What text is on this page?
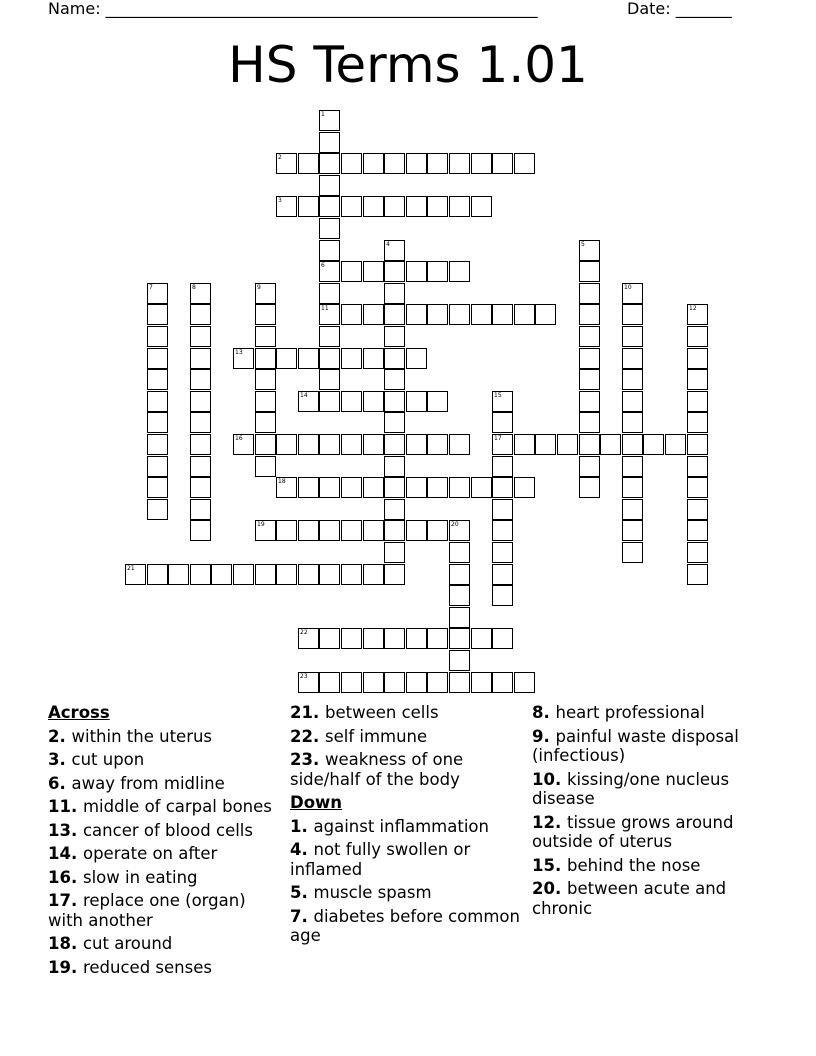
Name: ______________________________________________________	Date: _______
HS Terms 1.01
1
6
11
2
3
4	5
7	8	9	10
12
13
14	15
17
16
18
19	20
21
22
23
Across
2. within the uterus
3. cut upon
6. away from midline
11. middle of carpal bones
13. cancer of blood cells
14. operate on after
16. slow in eating
17. replace one (organ) with another
18. cut around
19. reduced senses
21. between cells
22. self immune
23. weakness of one side/half of the body
Down
1. against inflammation
4. not fully swollen or inflamed
5. muscle spasm
7. diabetes before common age
8. heart professional
9. painful waste disposal (infectious)
10. kissing/one nucleus disease
12. tissue grows around outside of uterus
15. behind the nose
20. between acute and chronic
